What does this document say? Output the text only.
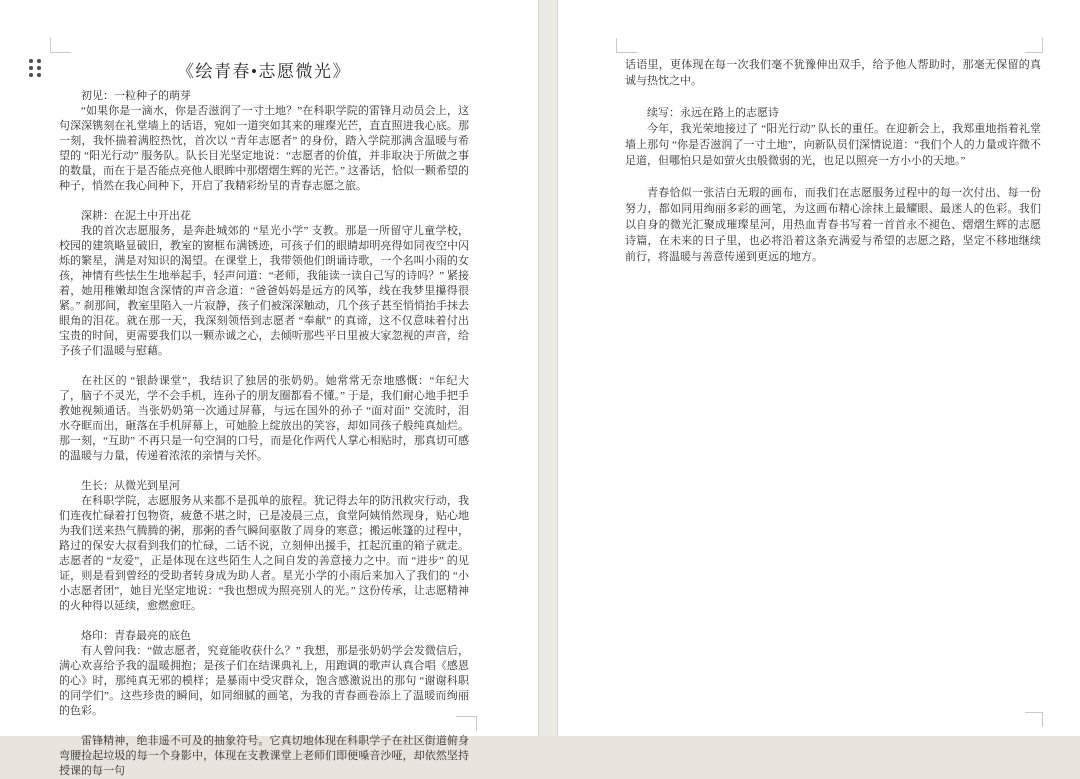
《绘青春•志愿微光》
初见：一粒种子的萌芽
“如果你是一滴水，你是否滋润了一寸土地？”在科职学院的雷锋月动员会上，这句深深镌刻在礼堂墙上的话语，宛如一道突如其来的璀璨光芒，直直照进我心底。那一刻，我怀揣着满腔热忱，首次以 “青年志愿者” 的身份，踏入学院那满含温暖与希望的 “阳光行动” 服务队。队长目光坚定地说：“志愿者的价值，并非取决于所做之事的数量，而在于是否能点亮他人眼眸中那熠熠生辉的光芒。” 这番话，恰似一颗希望的种子，悄然在我心间种下，开启了我精彩纷呈的青春志愿之旅。
深耕：在泥土中开出花
我的首次志愿服务，是奔赴城郊的 “星光小学” 支教。那是一所留守儿童学校，校园的建筑略显破旧，教室的窗框布满锈迹，可孩子们的眼睛却明亮得如同夜空中闪烁的繁星，满是对知识的渴望。在课堂上，我带领他们朗诵诗歌，一个名叫小雨的女孩，神情有些怯生生地举起手，轻声问道：“老师，我能读一读自己写的诗吗？” 紧接着，她用稚嫩却饱含深情的声音念道：“爸爸妈妈是远方的风筝，线在我梦里攥得很紧。” 刹那间，教室里陷入一片寂静，孩子们被深深触动，几个孩子甚至悄悄抬手抹去眼角的泪花。就在那一天，我深刻领悟到志愿者 “奉献” 的真谛，这不仅意味着付出宝贵的时间，更需要我们以一颗赤诚之心，去倾听那些平日里被大家忽视的声音，给予孩子们温暖与慰藉。
在社区的 “银龄课堂”，我结识了独居的张奶奶。她常常无奈地感慨：“年纪大了，脑子不灵光，学不会手机，连孙子的朋友圈都看不懂。” 于是，我们耐心地手把手教她视频通话。当张奶奶第一次通过屏幕，与远在国外的孙子 “面对面” 交流时，泪水夺眶而出，砸落在手机屏幕上，可她脸上绽放出的笑容，却如同孩子般纯真灿烂。那一刻，“互助” 不再只是一句空洞的口号，而是化作两代人掌心相贴时，那真切可感的温暖与力量，传递着浓浓的亲情与关怀。
生长：从微光到星河
在科职学院，志愿服务从来都不是孤单的旅程。犹记得去年的防汛救灾行动，我们连夜忙碌着打包物资，疲惫不堪之时，已是凌晨三点，食堂阿姨悄然现身，贴心地为我们送来热气腾腾的粥，那粥的香气瞬间驱散了周身的寒意；搬运帐篷的过程中，路过的保安大叔看到我们的忙碌，二话不说，立刻伸出援手，扛起沉重的箱子就走。志愿者的 “友爱”，正是体现在这些陌生人之间自发的善意接力之中。而 “进步” 的见证，则是看到曾经的受助者转身成为助人者。星光小学的小雨后来加入了我们的 “小小志愿者团”，她目光坚定地说：“我也想成为照亮别人的光。” 这份传承，让志愿精神的火种得以延续，愈燃愈旺。
烙印：青春最亮的底色
有人曾问我：“做志愿者，究竟能收获什么？” 我想，那是张奶奶学会发微信后，满心欢喜给予我的温暖拥抱；是孩子们在结课典礼上，用跑调的歌声认真合唱《感恩的心》时，那纯真无邪的模样；是暴雨中受灾群众，饱含感激说出的那句 “谢谢科职的同学们”。这些珍贵的瞬间，如同细腻的画笔，为我的青春画卷添上了温暖而绚丽的色彩。
雷锋精神，绝非遥不可及的抽象符号。它真切地体现在科职学子在社区街道俯身弯腰捡起垃圾的每一个身影中，体现在支教课堂上老师们即便嗓音沙哑，却依然坚持授课的每一句
话语里，更体现在每一次我们毫不犹豫伸出双手，给予他人帮助时，那毫无保留的真诚与热忱之中。
续写：永远在路上的志愿诗
今年，我光荣地接过了 “阳光行动” 队长的重任。在迎新会上，我郑重地指着礼堂墙上那句 “你是否滋润了一寸土地”，向新队员们深情说道：“我们个人的力量或许微不足道，但哪怕只是如萤火虫般微弱的光，也足以照亮一方小小的天地。”
青春恰似一张洁白无瑕的画布，而我们在志愿服务过程中的每一次付出、每一份努力，都如同用绚丽多彩的画笔，为这画布精心涂抹上最耀眼、最迷人的色彩。我们以自身的微光汇聚成璀璨星河，用热血青春书写着一首首永不褪色、熠熠生辉的志愿诗篇，在未来的日子里，也必将沿着这条充满爱与希望的志愿之路，坚定不移地继续前行，将温暖与善意传递到更远的地方。
